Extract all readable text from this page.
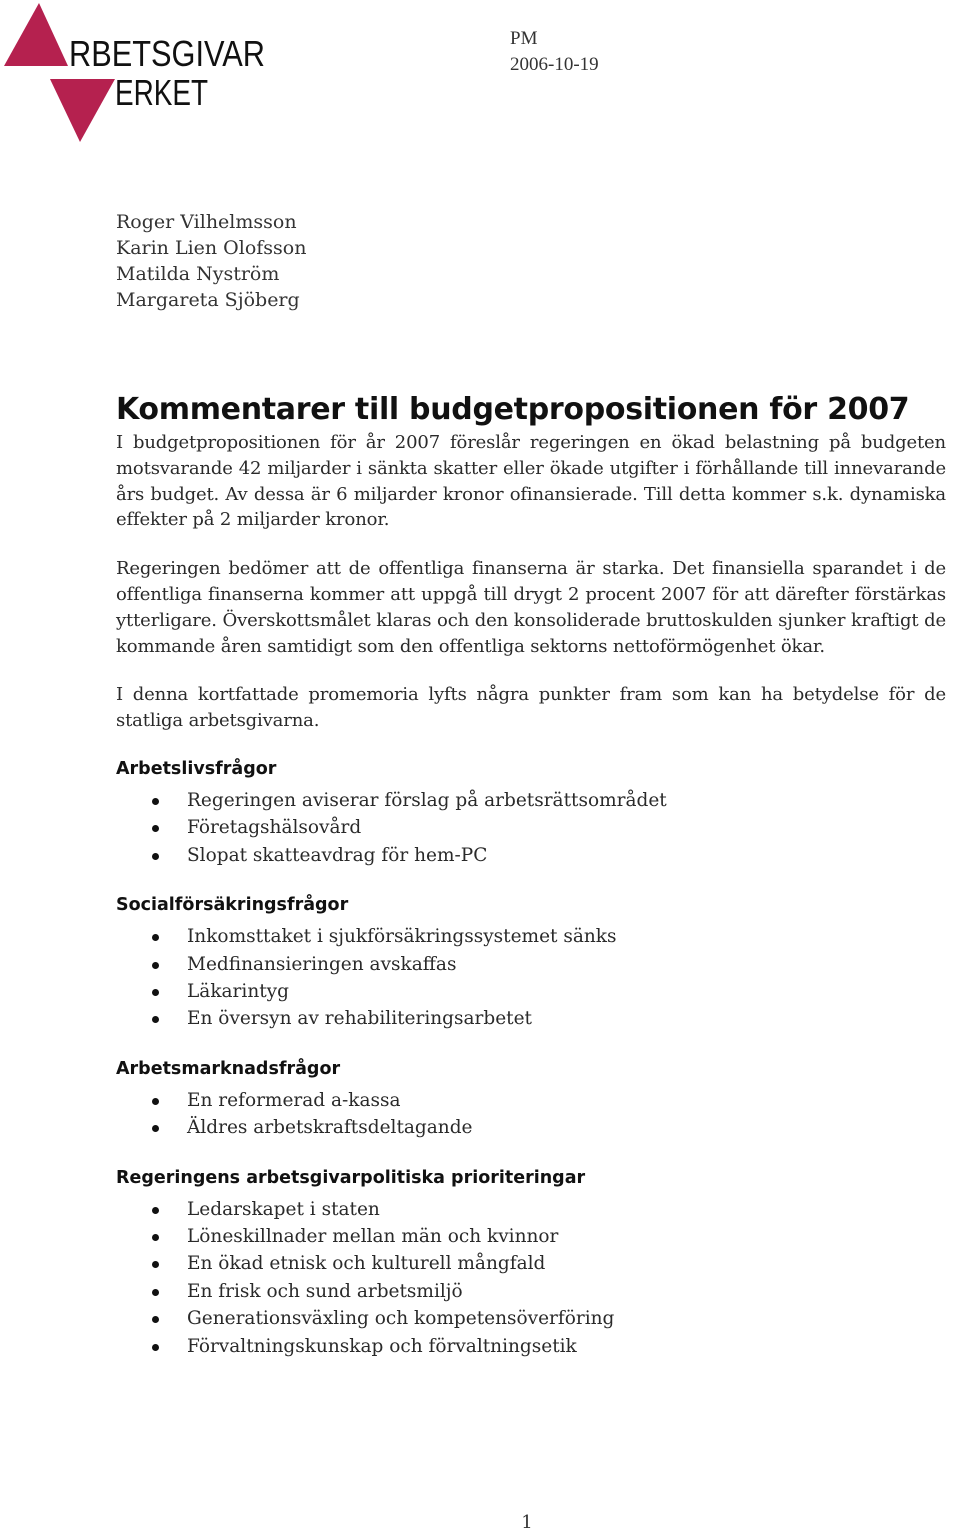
RBETSGIVAR
ERKET
PM
2006-10-19
Roger Vilhelmsson
Karin Lien Olofsson
Matilda Nyström
Margareta Sjöberg
Kommentarer till budgetpropositionen för 2007

I budgetpropositionen för år 2007 föreslår regeringen en ökad belastning på budgeten motsvarande 42 miljarder i sänkta skatter eller ökade utgifter i förhållande till innevarande års budget. Av dessa är 6 miljarder kronor ofinansierade. Till detta kommer s.k. dynamiska effekter på 2 miljarder kronor.

Regeringen bedömer att de offentliga finanserna är starka. Det finansiella sparandet i de offentliga finanserna kommer att uppgå till drygt 2 procent 2007 för att därefter förstärkas ytterligare. Överskottsmålet klaras och den konsoliderade bruttoskulden sjunker kraftigt de kommande åren samtidigt som den offentliga sektorns nettoförmögenhet ökar.

I denna kortfattade promemoria lyfts några punkter fram som kan ha betydelse för de statliga arbetsgivarna.

Arbetslivsfrågor
Regeringen aviserar förslag på arbetsrättsområdet
Företagshälsovård
Slopat skatteavdrag för hem-PC
Socialförsäkringsfrågor
Inkomsttaket i sjukförsäkringssystemet sänks
Medfinansieringen avskaffas
Läkarintyg
En översyn av rehabiliteringsarbetet
Arbetsmarknadsfrågor
En reformerad a-kassa
Äldres arbetskraftsdeltagande
Regeringens arbetsgivarpolitiska prioriteringar
Ledarskapet i staten
Löneskillnader mellan män och kvinnor
En ökad etnisk och kulturell mångfald
En frisk och sund arbetsmiljö
Generationsväxling och kompetensöverföring
Förvaltningskunskap och förvaltningsetik
1
